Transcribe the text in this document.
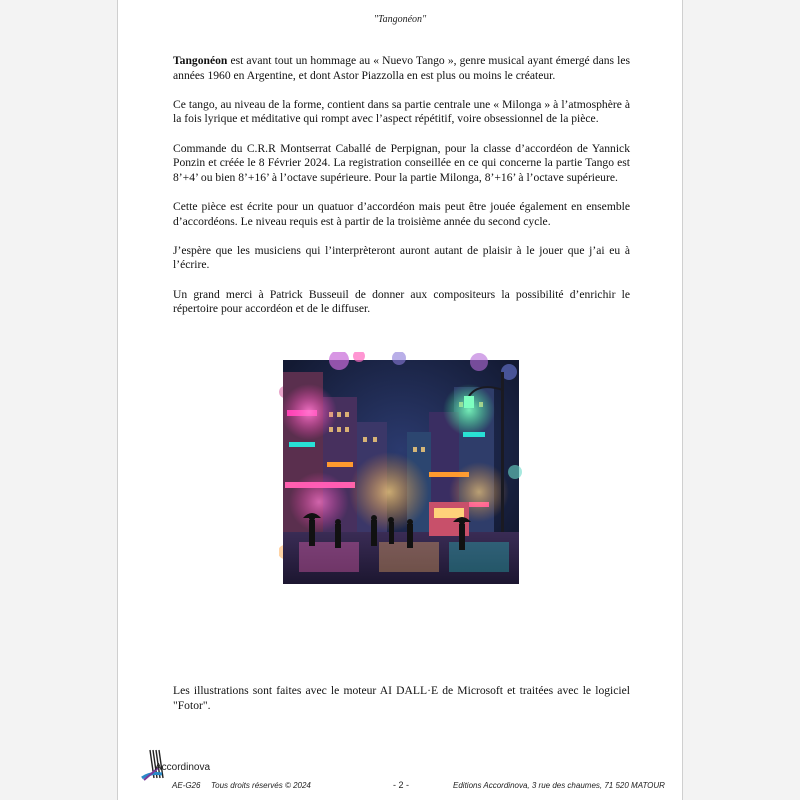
"Tangonéon"

Tangonéon est avant tout un hommage au « Nuevo Tango », genre musical ayant émergé dans les années 1960 en Argentine, et dont Astor Piazzolla en est plus ou moins le créateur.

Ce tango, au niveau de la forme, contient dans sa partie centrale une « Milonga » à l’atmosphère à la fois lyrique et méditative qui rompt avec l’aspect répétitif, voire obsessionnel de la pièce.

Commande du C.R.R Montserrat Caballé de Perpignan, pour la classe d’accordéon de Yannick Ponzin et créée le 8 Février 2024. La registration conseillée en ce qui concerne la partie Tango est 8’+4’ ou bien 8’+16’ à l’octave supérieure. Pour la partie Milonga, 8’+16’ à l’octave supérieure.

Cette pièce est écrite pour un quatuor d’accordéon mais peut être jouée également en ensemble d’accordéons. Le niveau requis est à partir de la troisième année du second cycle.

J’espère que les musiciens qui l’interprèteront auront autant de plaisir à le jouer que j’ai eu à l’écrire.

Un grand merci à Patrick Busseuil de donner aux compositeurs la possibilité d’enrichir le répertoire pour accordéon et de le diffuser.

Les illustrations sont faites avec le moteur AI DALL·E de Microsoft et traitées avec le logiciel "Fotor".
Accordinova
AE-G26 Tous droits réservés © 2024	- 2 -	Editions Accordinova, 3 rue des chaumes, 71 520 MATOUR
